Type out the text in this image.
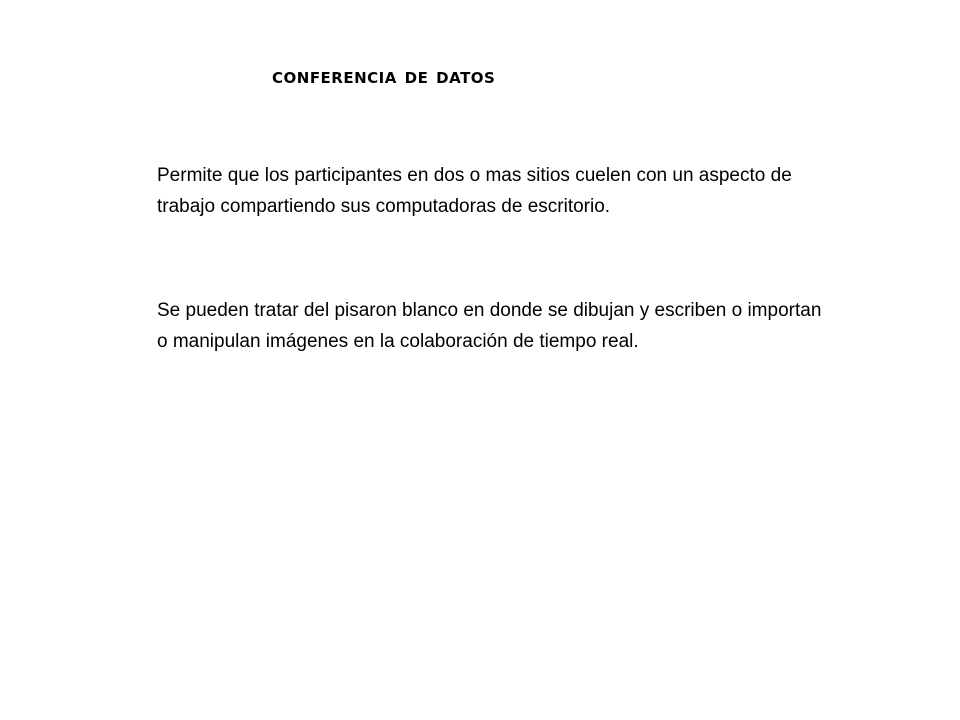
conferencia de datos

Permite que los participantes en dos o mas sitios cuelen con un aspecto de trabajo compartiendo sus computadoras de escritorio.

Se pueden tratar del pisaron blanco en donde se dibujan y escriben o importan o manipulan imágenes en la colaboración de tiempo real.
